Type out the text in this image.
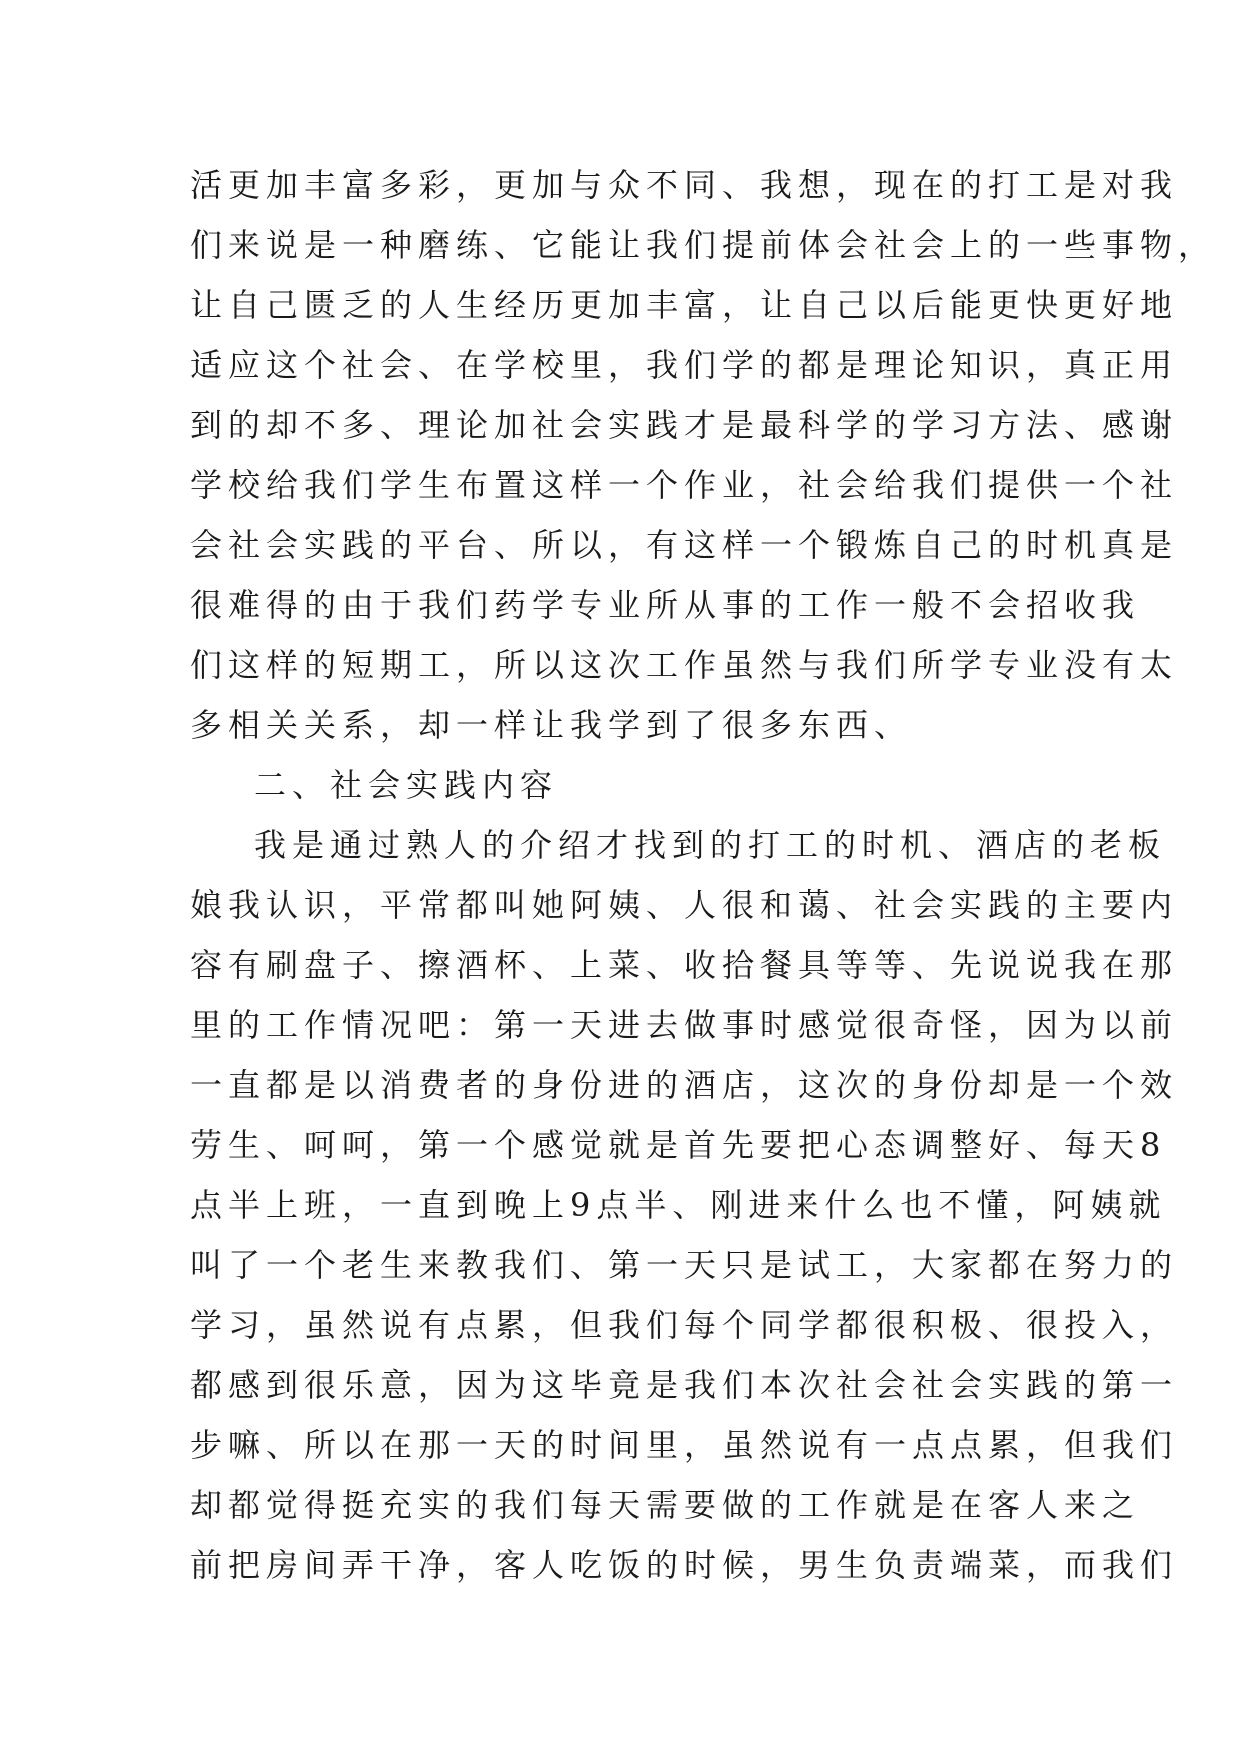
活更加丰富多彩，更加与众不同、我想，现在的打工是对我
们来说是一种磨练、它能让我们提前体会社会上的一些事物，
让自己匮乏的人生经历更加丰富，让自己以后能更快更好地
适应这个社会、在学校里，我们学的都是理论知识，真正用
到的却不多、理论加社会实践才是最科学的学习方法、感谢
学校给我们学生布置这样一个作业，社会给我们提供一个社
会社会实践的平台、所以，有这样一个锻炼自己的时机真是
很难得的由于我们药学专业所从事的工作一般不会招收我
们这样的短期工，所以这次工作虽然与我们所学专业没有太
多相关关系，却一样让我学到了很多东西、
二、社会实践内容
我是通过熟人的介绍才找到的打工的时机、酒店的老板
娘我认识，平常都叫她阿姨、人很和蔼、社会实践的主要内
容有刷盘子、擦酒杯、上菜、收拾餐具等等、先说说我在那
里的工作情况吧：第一天进去做事时感觉很奇怪，因为以前
一直都是以消费者的身份进的酒店，这次的身份却是一个效
劳生、呵呵，第一个感觉就是首先要把心态调整好、每天8
点半上班，一直到晚上9点半、刚进来什么也不懂，阿姨就
叫了一个老生来教我们、第一天只是试工，大家都在努力的
学习，虽然说有点累，但我们每个同学都很积极、很投入，
都感到很乐意，因为这毕竟是我们本次社会社会实践的第一
步嘛、所以在那一天的时间里，虽然说有一点点累，但我们
却都觉得挺充实的我们每天需要做的工作就是在客人来之
前把房间弄干净，客人吃饭的时候，男生负责端菜，而我们
